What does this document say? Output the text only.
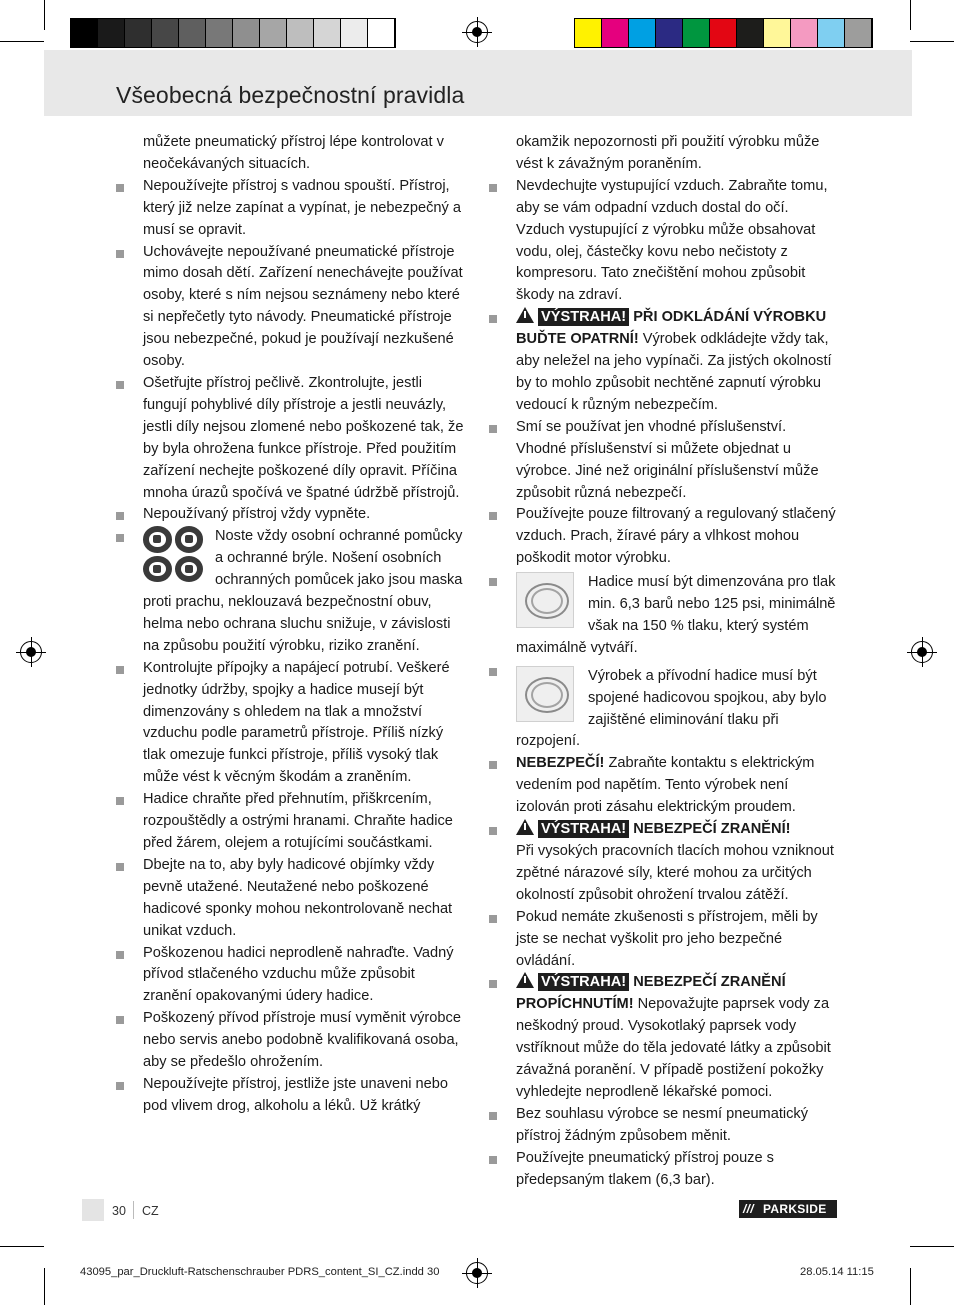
Všeobecná bezpečnostní pravidla

můžete pneumatický přístroj lépe kontrolovat v neočekávaných situacích.

Nepoužívejte přístroj s vadnou spouští. Přístroj, který již nelze zapínat a vypínat, je nebezpečný a musí se opravit.
Uchovávejte nepoužívané pneumatické přístroje mimo dosah dětí. Zařízení nenechávejte používat osoby, které s ním nejsou seznámeny nebo které si nepřečetly tyto návody. Pneumatické přístroje jsou nebezpečné, pokud je používají nezkušené osoby.
Ošetřujte přístroj pečlivě. Zkontrolujte, jestli fungují pohyblivé díly přístroje a jestli neuvázly, jestli díly nejsou zlomené nebo poškozené tak, že by byla ohrožena funkce přístroje. Před použitím zařízení nechejte poškozené díly opravit. Příčina mnoha úrazů spočívá ve špatné údržbě přístrojů.
Nepoužívaný přístroj vždy vypněte.
Noste vždy osobní ochranné pomůcky a ochranné brýle. Nošení osobních ochranných pomůcek jako jsou maska proti prachu, neklouzavá bezpečnostní obuv, helma nebo ochrana sluchu snižuje, v závislosti na způsobu použití výrobku, riziko zranění.
Kontrolujte přípojky a napájecí potrubí. Veškeré jednotky údržby, spojky a hadice musejí být dimenzovány s ohledem na tlak a množství vzduchu podle parametrů přístroje. Příliš nízký tlak omezuje funkci přístroje, příliš vysoký tlak může vést k věcným škodám a zraněním.
Hadice chraňte před přehnutím, přiškrcením, rozpouštědly a ostrými hranami. Chraňte hadice před žárem, olejem a rotujícími součástkami.
Dbejte na to, aby byly hadicové objímky vždy pevně utažené. Neutažené nebo poškozené hadicové sponky mohou nekontrolovaně nechat unikat vzduch.
Poškozenou hadici neprodleně nahraďte. Vadný přívod stlačeného vzduchu může způsobit zranění opakovanými údery hadice.
Poškozený přívod přístroje musí vyměnit výrobce nebo servis anebo podobně kvalifikovaná osoba, aby se předešlo ohrožením.
Nepoužívejte přístroj, jestliže jste unaveni nebo pod vlivem drog, alkoholu a léků. Už krátký

okamžik nepozornosti při použití výrobku může vést k závažným poraněním.

Nevdechujte vystupující vzduch. Zabraňte tomu, aby se vám odpadní vzduch dostal do očí. Vzduch vystupující z výrobku může obsahovat vodu, olej, částečky kovu nebo nečistoty z kompresoru. Tato znečištění mohou způsobit škody na zdraví.
VÝSTRAHA! PŘI ODKLÁDÁNÍ VÝROBKU BUĎTE OPATRNÍ! Výrobek odkládejte vždy tak, aby neležel na jeho vypínači. Za jistých okolností by to mohlo způsobit nechtěné zapnutí výrobku vedoucí k různým nebezpečím.
Smí se používat jen vhodné příslušenství. Vhodné příslušenství si můžete objednat u výrobce. Jiné než originální příslušenství může způsobit různá nebezpečí.
Používejte pouze filtrovaný a regulovaný stlačený vzduch. Prach, žíravé páry a vlhkost mohou poškodit motor výrobku.
Hadice musí být dimenzována pro tlak min. 6,3 barů nebo 125 psi, minimálně však na 150 % tlaku, který systém maximálně vytváří.
Výrobek a přívodní hadice musí být spojené hadicovou spojkou, aby bylo zajištěné eliminování tlaku při rozpojení.
NEBEZPEČÍ! Zabraňte kontaktu s elektrickým vedením pod napětím. Tento výrobek není izolován proti zásahu elektrickým proudem.
VÝSTRAHA! NEBEZPEČÍ ZRANĚNÍ!
Při vysokých pracovních tlacích mohou vzniknout zpětné nárazové síly, které mohou za určitých okolností způsobit ohrožení trvalou zátěží.
Pokud nemáte zkušenosti s přístrojem, měli by jste se nechat vyškolit pro jeho bezpečné ovládání.
VÝSTRAHA! NEBEZPEČÍ ZRANĚNÍ PROPÍCHNUTÍM! Nepovažujte paprsek vody za neškodný proud. Vysokotlaký paprsek vody vstříknout může do těla jedovaté látky a způsobit závažná poranění. V případě postižení pokožky vyhledejte neprodleně lékařské pomoci.
Bez souhlasu výrobce se nesmí pneumatický přístroj žádným způsobem měnit.
Používejte pneumatický přístroj pouze s předepsaným tlakem (6,3 bar).
30 CZ	/// PARKSIDE
43095_par_Druckluft-Ratschenschrauber PDRS_content_SI_CZ.indd 30	28.05.14 11:15
